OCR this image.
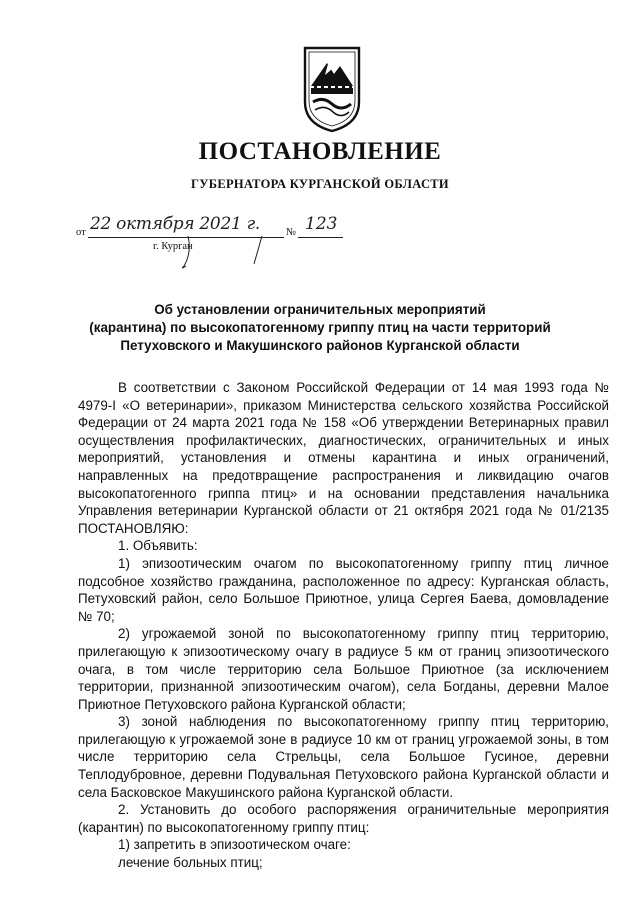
ПОСТАНОВЛЕНИЕ
ГУБЕРНАТОРА КУРГАНСКОЙ ОБЛАСТИ
от 22 октября 2021 г. № 123
г. Курган
Об установлении ограничительных мероприятий
(карантина) по высокопатогенному гриппу птиц на части территорий
Петуховского и Макушинского районов Курганской области

В соответствии с Законом Российской Федерации от 14 мая 1993 года № 4979-I «О ветеринарии», приказом Министерства сельского хозяйства Российской Федерации от 24 марта 2021 года № 158 «Об утверждении Ветеринарных правил осуществления профилактических, диагностических, ограничительных и иных мероприятий, установления и отмены карантина и иных ограничений, направленных на предотвращение распространения и ликвидацию очагов высокопатогенного гриппа птиц» и на основании представления начальника Управления ветеринарии Курганской области от 21 октября 2021 года № 01/2135 ПОСТАНОВЛЯЮ:

1. Объявить:

1) эпизоотическим очагом по высокопатогенному гриппу птиц личное подсобное хозяйство гражданина, расположенное по адресу: Курганская область, Петуховский район, село Большое Приютное, улица Сергея Баева, домовладение № 70;

2) угрожаемой зоной по высокопатогенному гриппу птиц территорию, прилегающую к эпизоотическому очагу в радиусе 5 км от границ эпизоотического очага, в том числе территорию села Большое Приютное (за исключением территории, признанной эпизоотическим очагом), села Богданы, деревни Малое Приютное Петуховского района Курганской области;

3) зоной наблюдения по высокопатогенному гриппу птиц территорию, прилегающую к угрожаемой зоне в радиусе 10 км от границ угрожаемой зоны, в том числе территорию села Стрельцы, села Большое Гусиное, деревни Теплодубровное, деревни Подувальная Петуховского района Курганской области и села Басковское Макушинского района Курганской области.

2. Установить до особого распоряжения ограничительные мероприятия (карантин) по высокопатогенному гриппу птиц:

1) запретить в эпизоотическом очаге:

лечение больных птиц;
